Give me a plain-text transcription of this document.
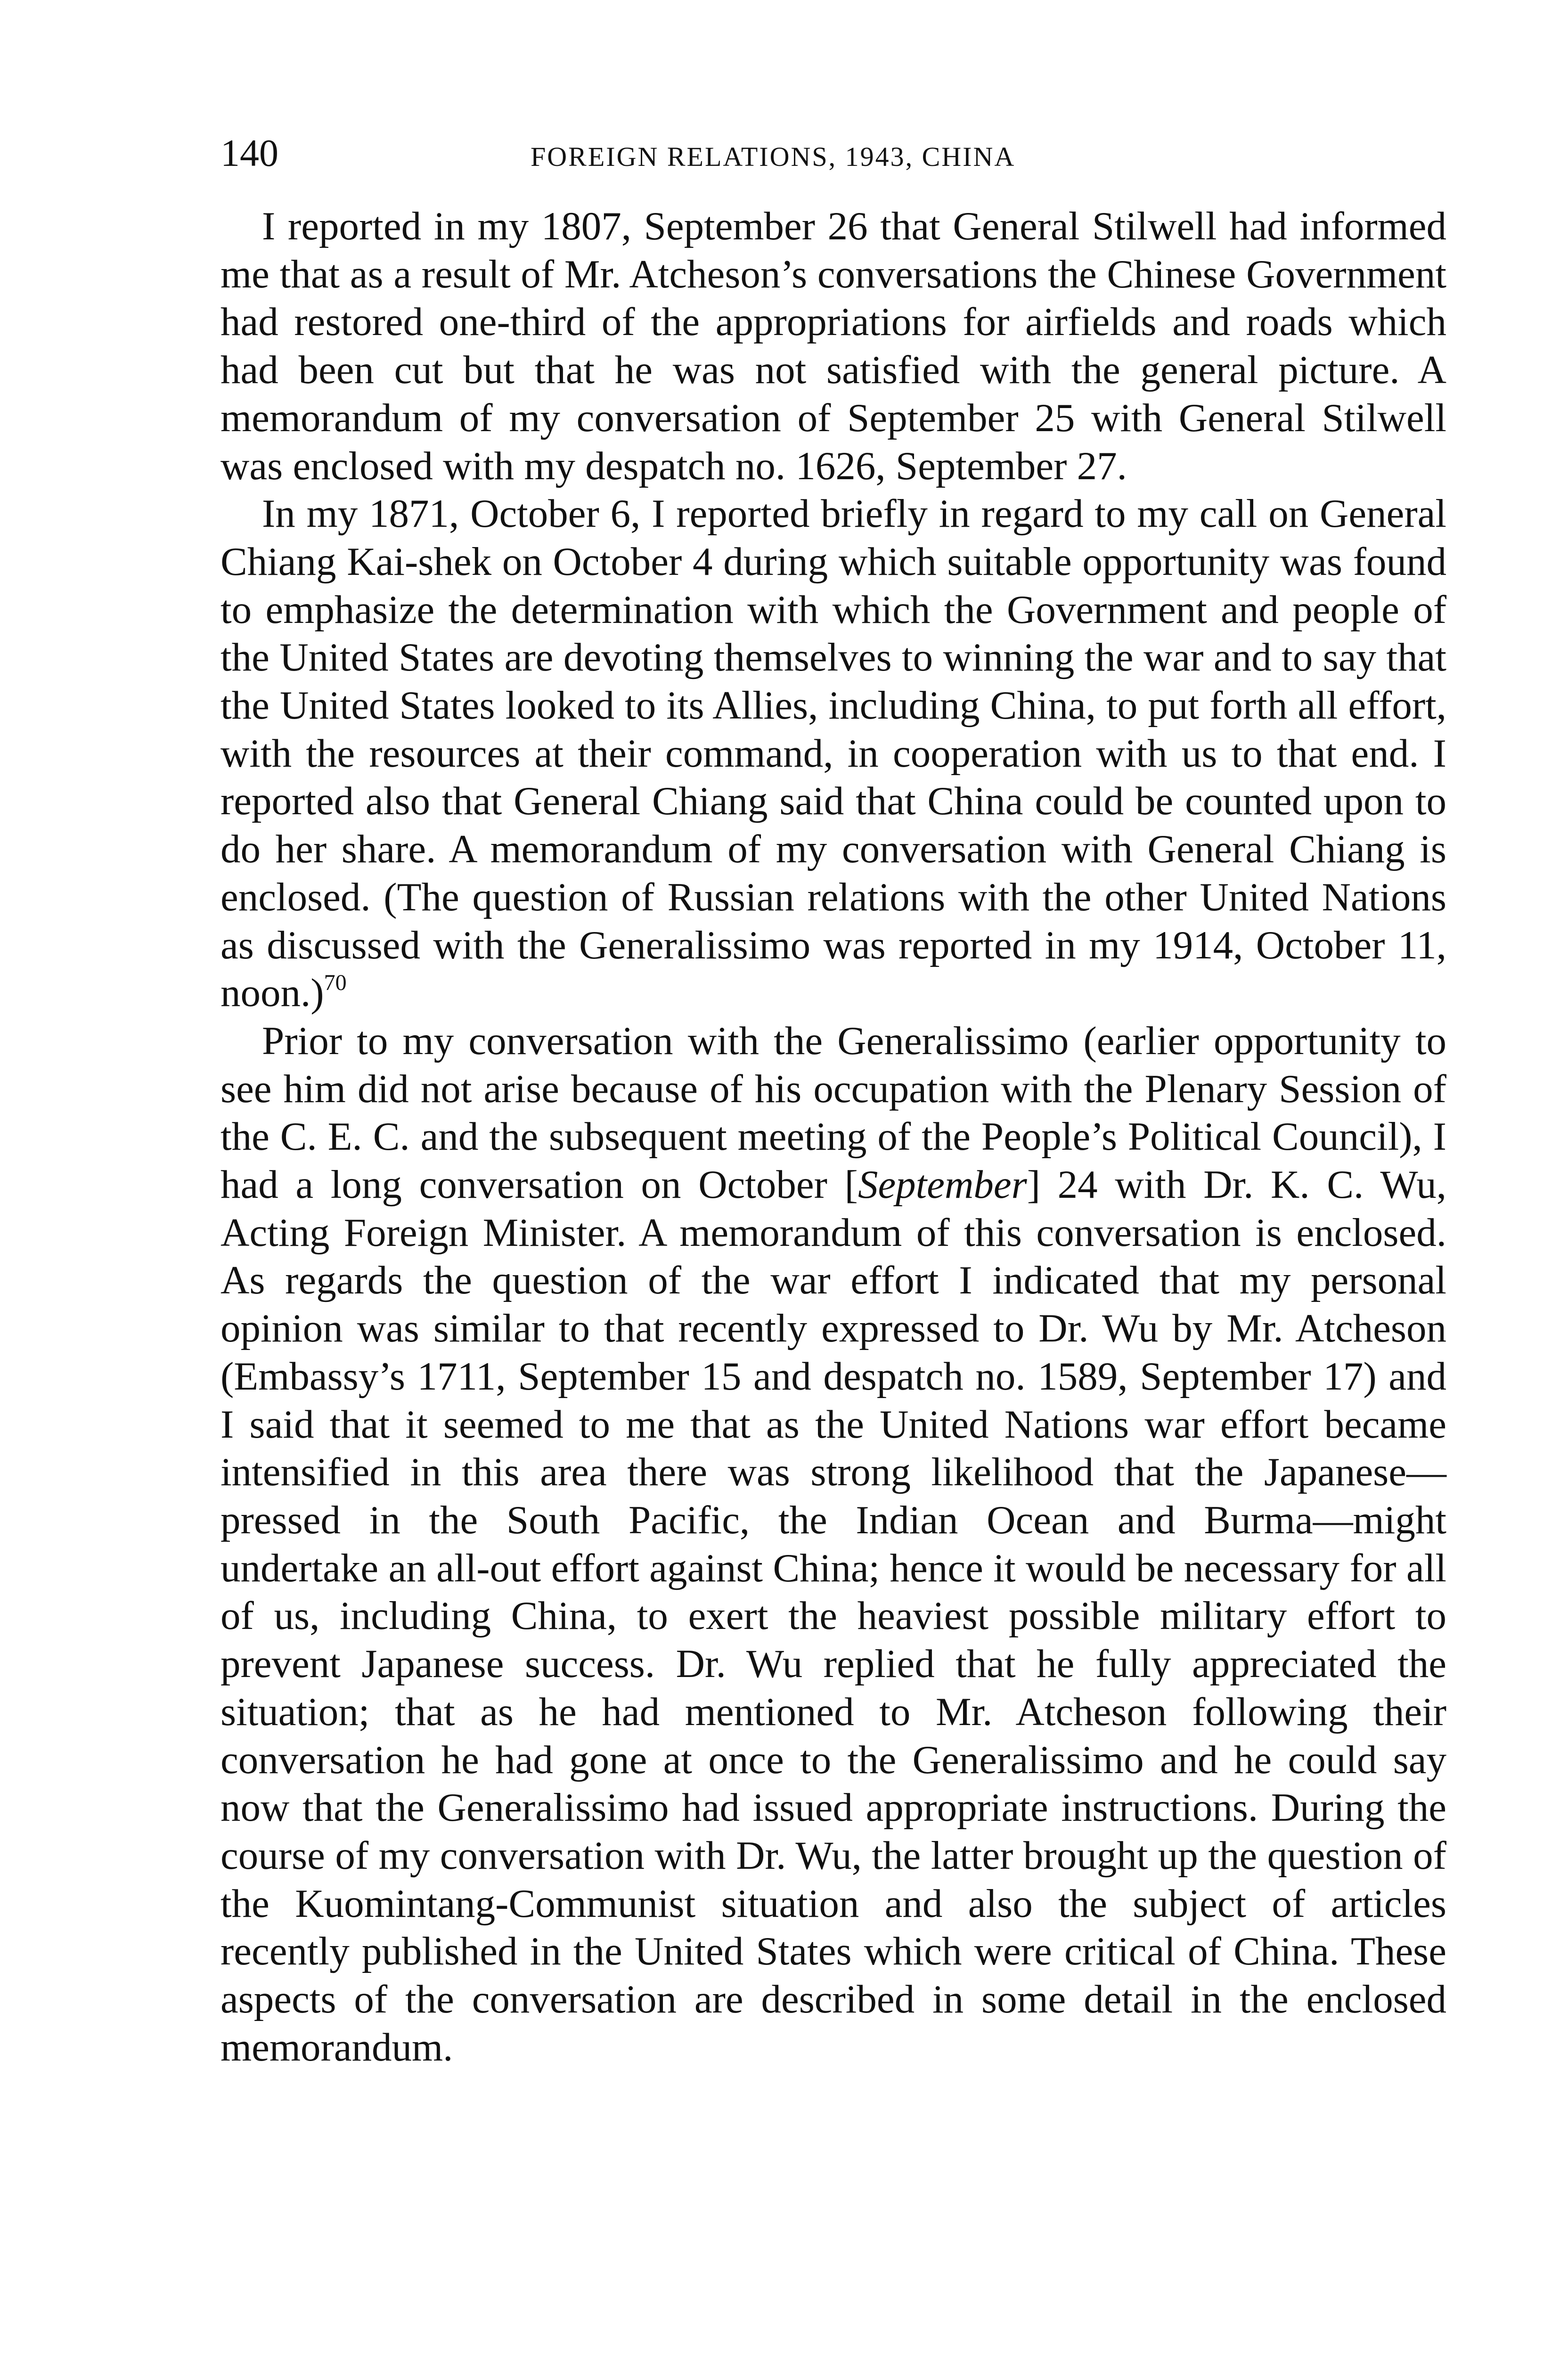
140	FOREIGN RELATIONS, 1943, CHINA

I reported in my 1807, September 26 that General Stilwell had informed me that as a result of Mr. Atcheson’s conversations the Chinese Government had restored one-third of the appropriations for airfields and roads which had been cut but that he was not satisfied with the general picture. A memorandum of my conversation of September 25 with General Stilwell was enclosed with my despatch no. 1626, September 27.

In my 1871, October 6, I reported briefly in regard to my call on General Chiang Kai-shek on October 4 during which suitable opportunity was found to emphasize the determination with which the Government and people of the United States are devoting themselves to winning the war and to say that the United States looked to its Allies, including China, to put forth all effort, with the resources at their command, in cooperation with us to that end. I reported also that General Chiang said that China could be counted upon to do her share. A memorandum of my conversation with General Chiang is enclosed. (The question of Russian relations with the other United Nations as discussed with the Generalissimo was reported in my 1914, October 11, noon.)$^{70}$

Prior to my conversation with the Generalissimo (earlier opportunity to see him did not arise because of his occupation with the Plenary Session of the C. E. C. and the subsequent meeting of the People’s Political Council), I had a long conversation on October [September] 24 with Dr. K. C. Wu, Acting Foreign Minister. A memorandum of this conversation is enclosed. As regards the question of the war effort I indicated that my personal opinion was similar to that recently expressed to Dr. Wu by Mr. Atcheson (Embassy’s 1711, September 15 and despatch no. 1589, September 17) and I said that it seemed to me that as the United Nations war effort became intensified in this area there was strong likelihood that the Japanese—pressed in the South Pacific, the Indian Ocean and Burma—might undertake an all-out effort against China; hence it would be necessary for all of us, including China, to exert the heaviest possible military effort to prevent Japanese success. Dr. Wu replied that he fully appreciated the situation; that as he had mentioned to Mr. Atcheson following their conversation he had gone at once to the Generalissimo and he could say now that the Generalissimo had issued appropriate instructions. During the course of my conversation with Dr. Wu, the latter brought up the question of the Kuomintang-Communist situation and also the subject of articles recently published in the United States which were critical of China. These aspects of the conversation are described in some detail in the enclosed memorandum.
